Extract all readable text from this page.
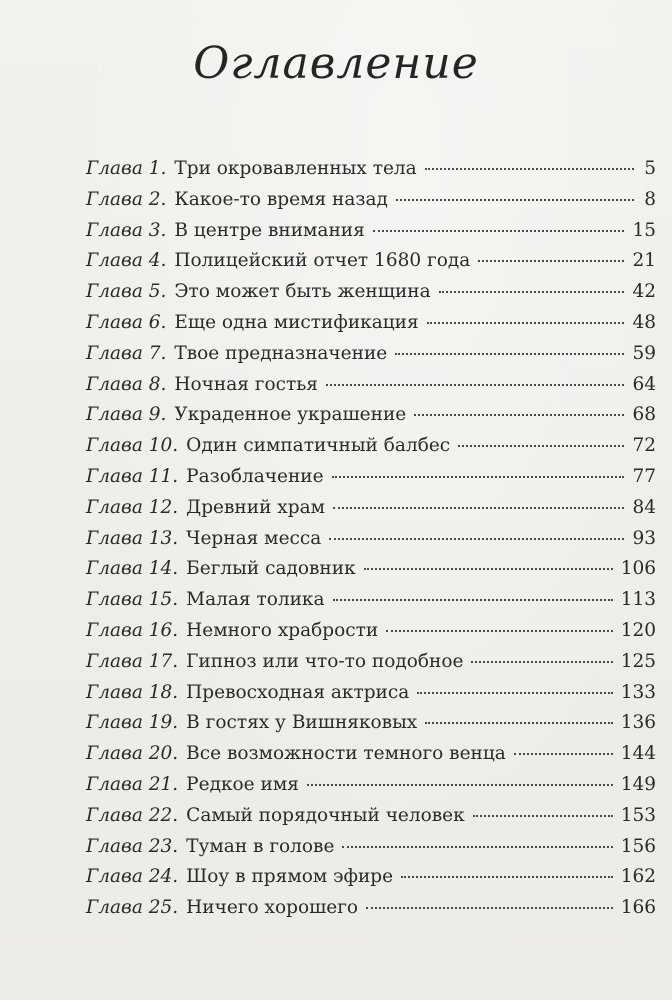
Оглавление
Глава 1. Три окровавленных тела	5
Глава 2. Какое-то время назад	8
Глава 3. В центре внимания	15
Глава 4. Полицейский отчет 1680 года	21
Глава 5. Это может быть женщина	42
Глава 6. Еще одна мистификация	48
Глава 7. Твое предназначение	59
Глава 8. Ночная гостья	64
Глава 9. Украденное украшение	68
Глава 10. Один симпатичный балбес	72
Глава 11. Разоблачение	77
Глава 12. Древний храм	84
Глава 13. Черная месса	93
Глава 14. Беглый садовник	106
Глава 15. Малая толика	113
Глава 16. Немного храбрости	120
Глава 17. Гипноз или что-то подобное	125
Глава 18. Превосходная актриса	133
Глава 19. В гостях у Вишняковых	136
Глава 20. Все возможности темного венца	144
Глава 21. Редкое имя	149
Глава 22. Самый порядочный человек	153
Глава 23. Туман в голове	156
Глава 24. Шоу в прямом эфире	162
Глава 25. Ничего хорошего	166
